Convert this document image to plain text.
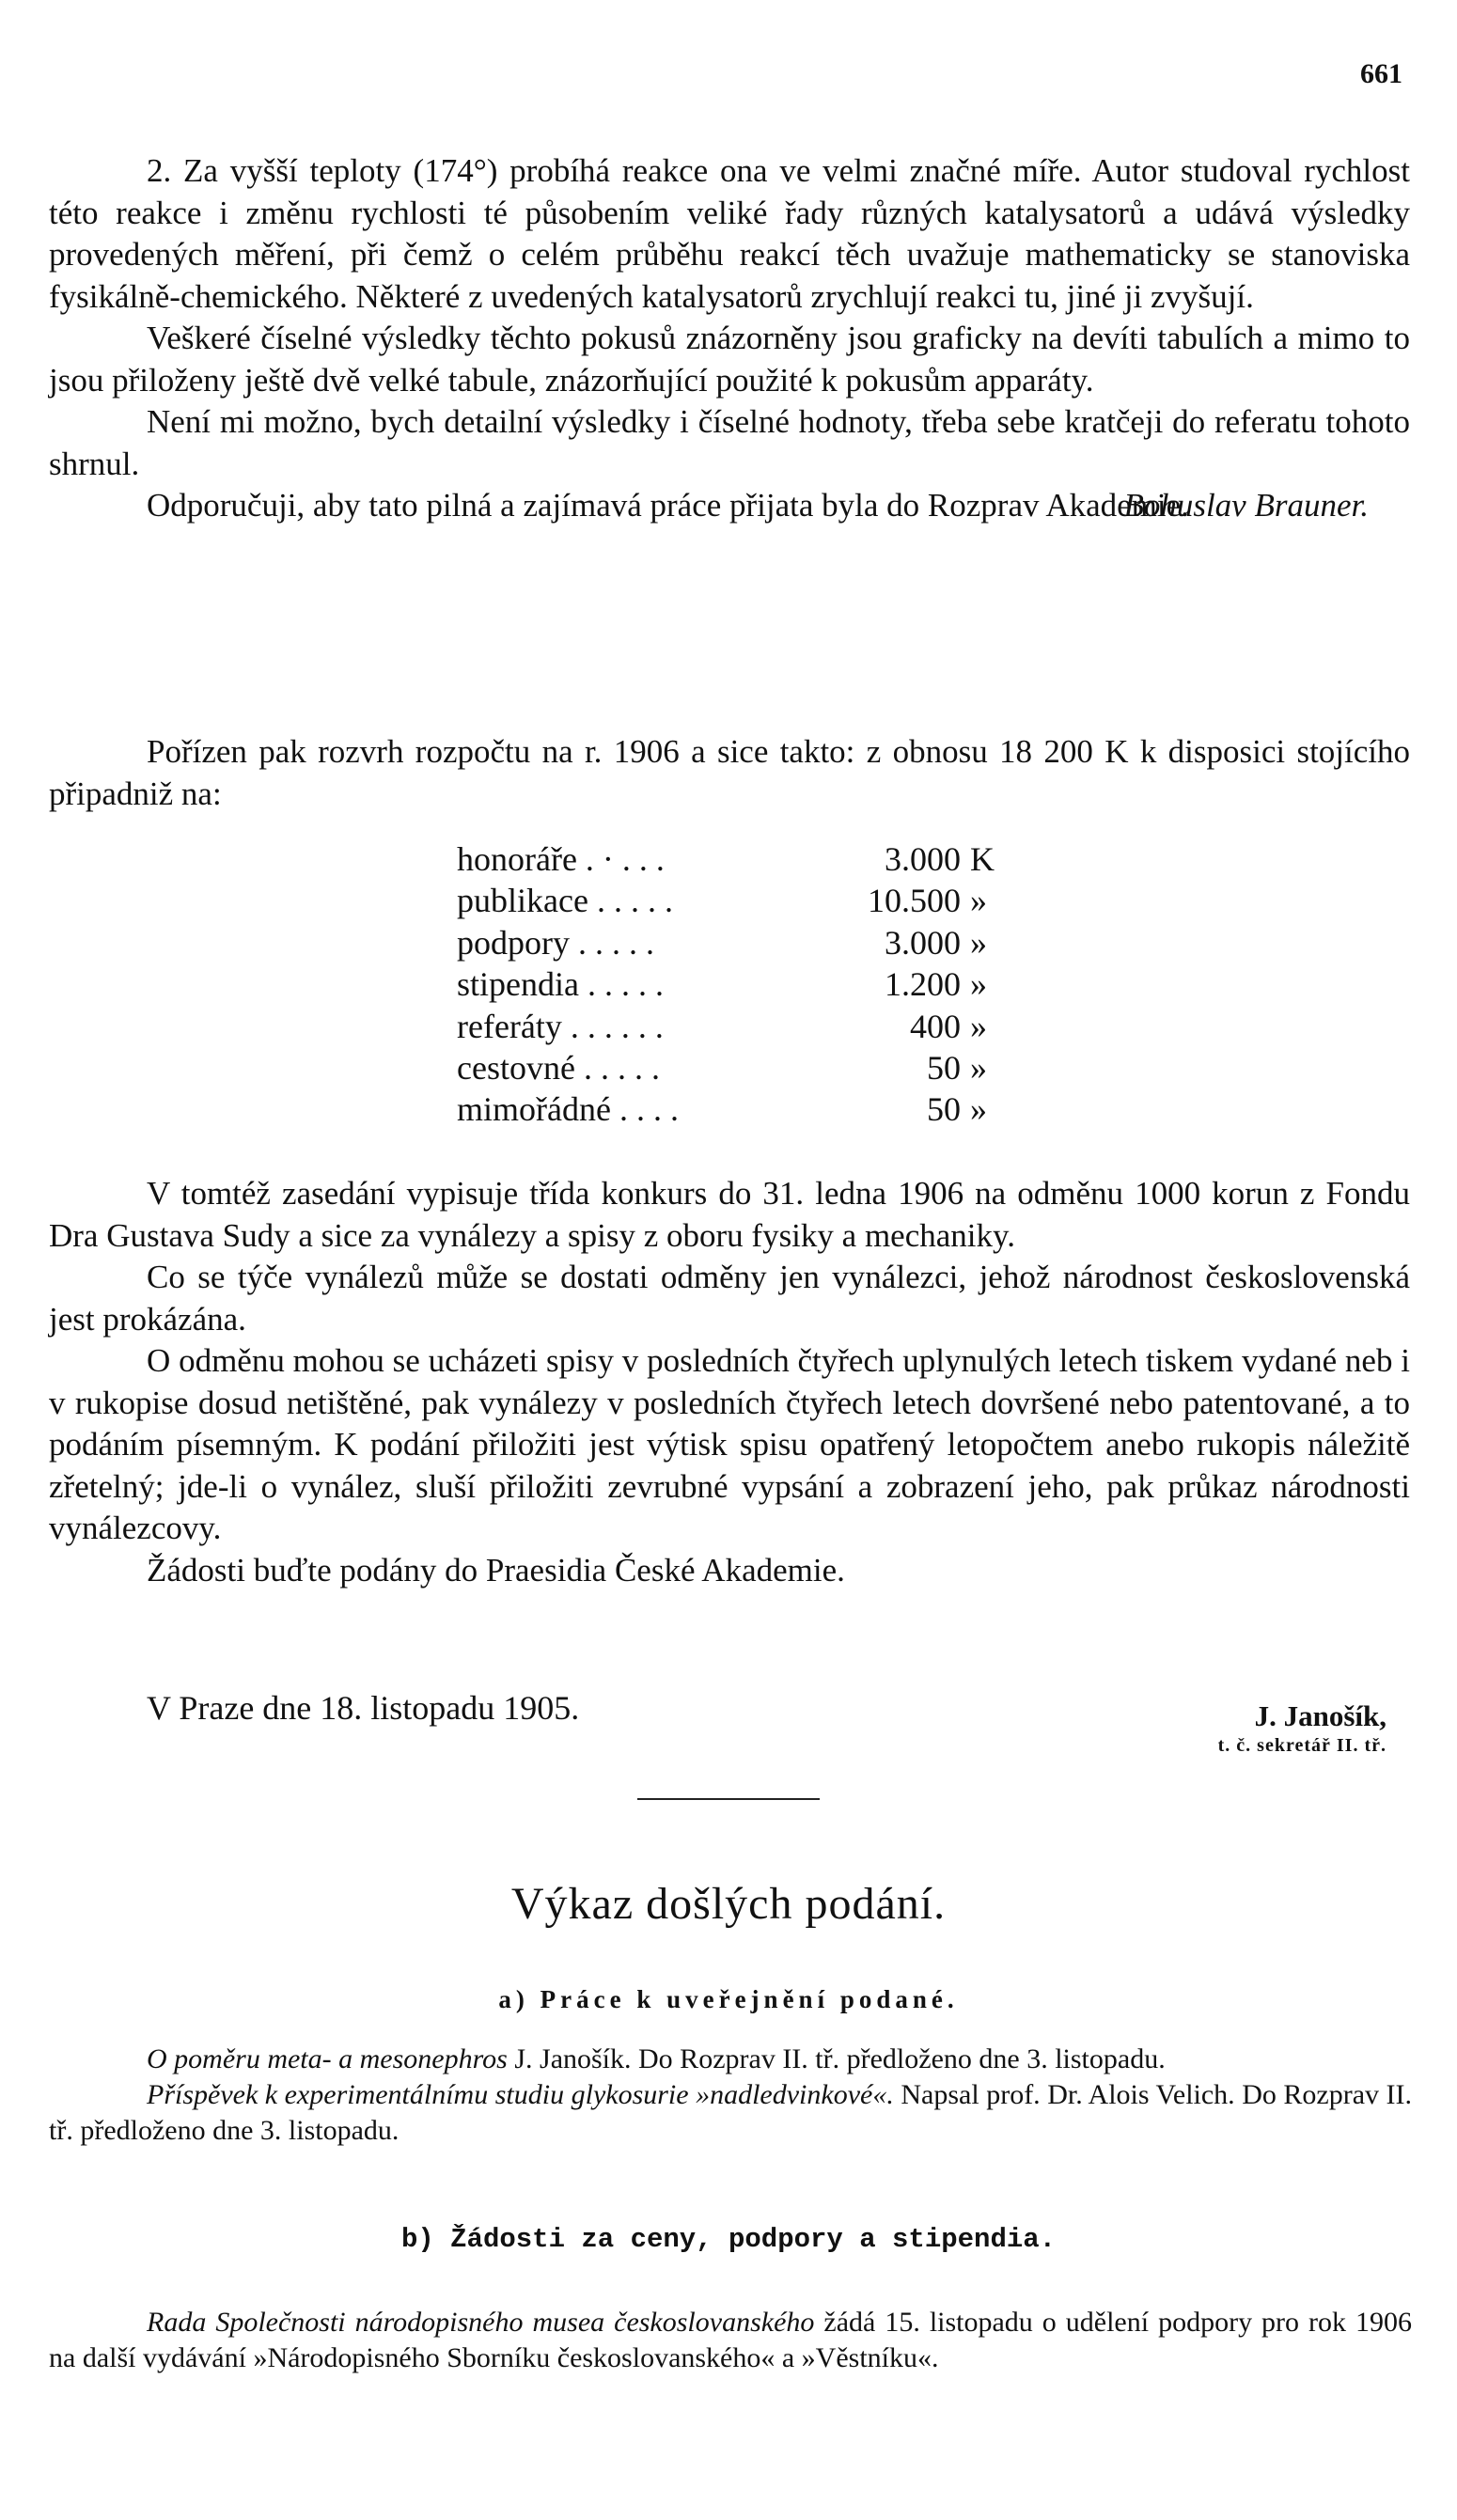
661

2. Za vyšší teploty (174°) probíhá reakce ona ve velmi značné míře. Autor studoval rychlost této reakce i změnu rychlosti té působením veliké řady různých katalysatorů a udává výsledky provedených měření, při čemž o celém průběhu reakcí těch uvažuje mathematicky se stanoviska fysikálně-chemického. Některé z uvedených katalysatorů zrychlují reakci tu, jiné ji zvyšují.

Veškeré číselné výsledky těchto pokusů znázorněny jsou graficky na devíti tabulích a mimo to jsou přiloženy ještě dvě velké tabule, znázorňující použité k pokusům apparáty.

Není mi možno, bych detailní výsledky i číselné hodnoty, třeba sebe kratčeji do referatu tohoto shrnul.

Odporučuji, aby tato pilná a zajímavá práce přijata byla do Rozprav Akademie.

Bohuslav Brauner.

Pořízen pak rozvrh rozpočtu na r. 1906 a sice takto: z obnosu 18 200 K k disposici stojícího připadniž na:

honoráře . · . . .	3.000 K
publikace . . . . .	10.500 »
podpory . . . . .	3.000 »
stipendia . . . . .	1.200 »
referáty . . . . . .	400 »
cestovné . . . . .	50 »
mimořádné . . . .	50 »

V tomtéž zasedání vypisuje třída konkurs do 31. ledna 1906 na odměnu 1000 korun z Fondu Dra Gustava Sudy a sice za vynálezy a spisy z oboru fysiky a mechaniky.

Co se týče vynálezů může se dostati odměny jen vynálezci, jehož národnost československá jest prokázána.

O odměnu mohou se ucházeti spisy v posledních čtyřech uplynulých letech tiskem vydané neb i v rukopise dosud netištěné, pak vynálezy v posledních čtyřech letech dovršené nebo patentované, a to podáním písemným. K podání přiložiti jest výtisk spisu opatřený letopočtem anebo rukopis náležitě zřetelný; jde-li o vynález, sluší přiložiti zevrubné vypsání a zobrazení jeho, pak průkaz národnosti vynálezcovy.

Žádosti buďte podány do Praesidia České Akademie.

V Praze dne 18. listopadu 1905.	J. Janošík,
t. č. sekretář II. tř.
Výkaz došlých podání.
a) Práce k uveřejnění podané.

O poměru meta- a mesonephros J. Janošík. Do Rozprav II. tř. předloženo dne 3. listopadu.

Příspěvek k experimentálnímu studiu glykosurie »nadledvinkové«. Napsal prof. Dr. Alois Velich. Do Rozprav II. tř. předloženo dne 3. listopadu.

b) Žádosti za ceny, podpory a stipendia.

Rada Společnosti národopisného musea českoslovanského žádá 15. listopadu o udělení podpory pro rok 1906 na další vydávání »Národopisného Sborníku českoslovanského« a »Věstníku«.
